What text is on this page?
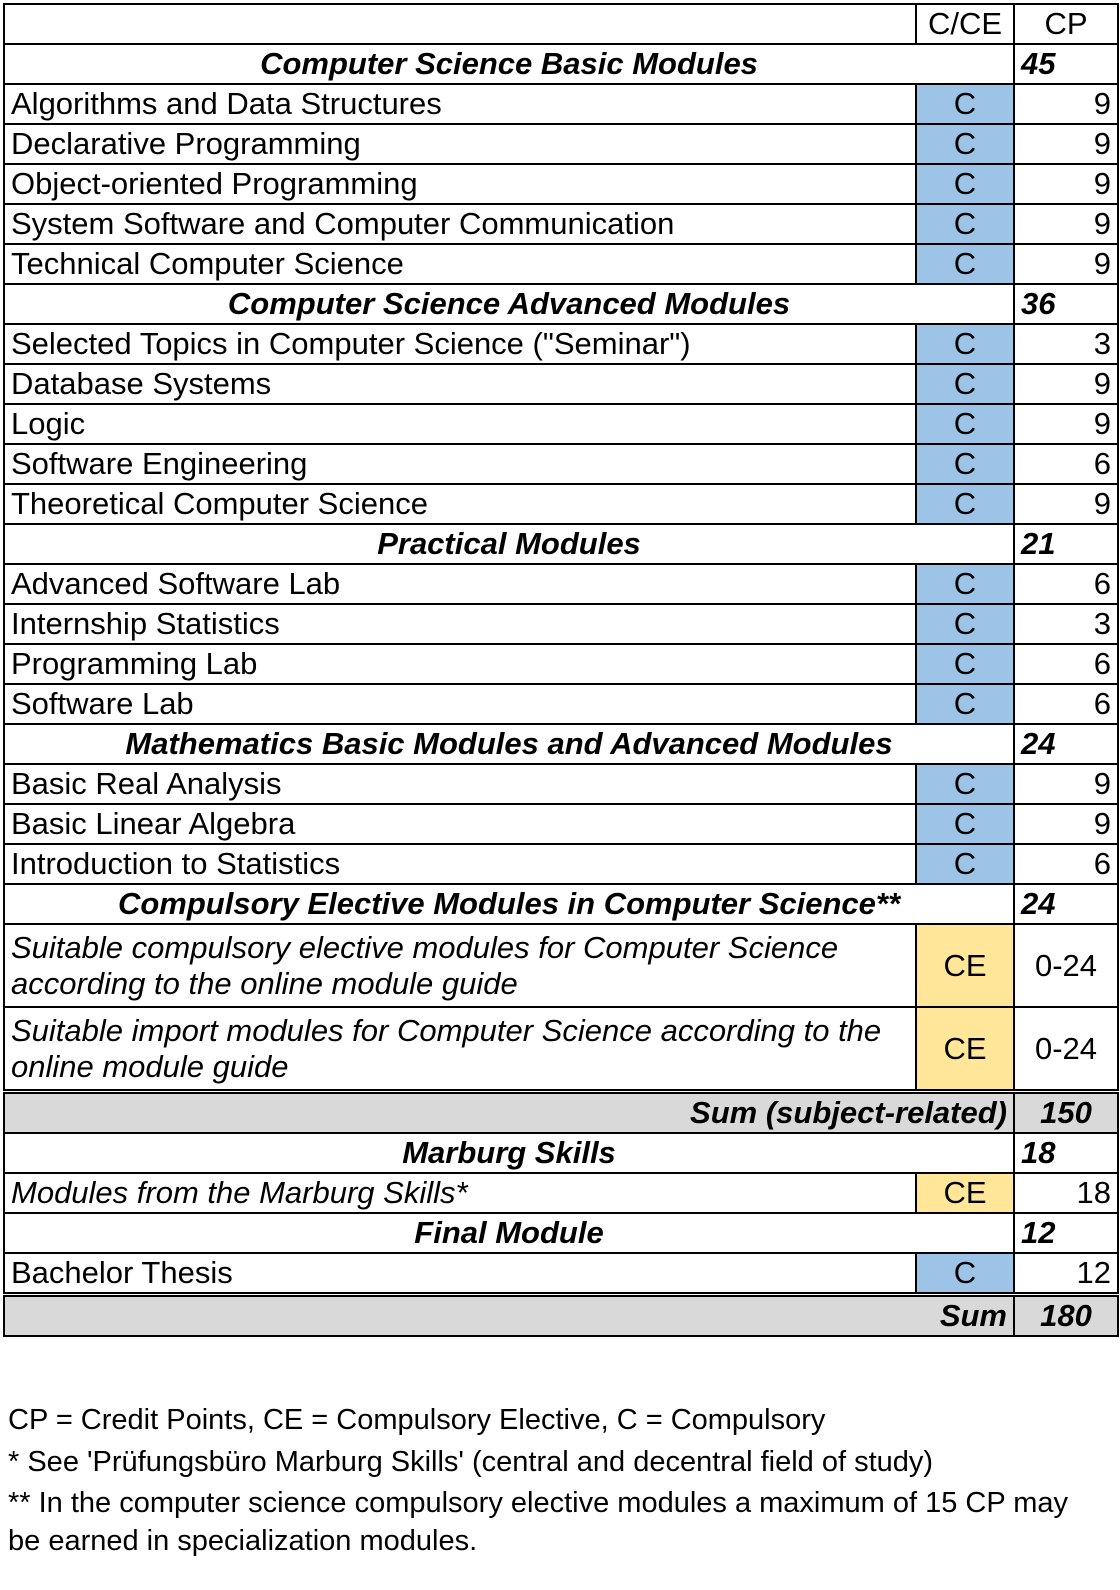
	C/CE	CP
Computer Science Basic Modules		45
Algorithms and Data Structures	C	9
Declarative Programming	C	9
Object-oriented Programming	C	9
System Software and Computer Communication	C	9
Technical Computer Science	C	9
Computer Science Advanced Modules		36
Selected Topics in Computer Science ("Seminar")	C	3
Database Systems	C	9
Logic	C	9
Software Engineering	C	6
Theoretical Computer Science	C	9
Practical Modules		21
Advanced Software Lab	C	6
Internship Statistics	C	3
Programming Lab	C	6
Software Lab	C	6
Mathematics Basic Modules and Advanced Modules		24
Basic Real Analysis	C	9
Basic Linear Algebra	C	9
Introduction to Statistics	C	6
Compulsory Elective Modules in Computer Science**		24
Suitable compulsory elective modules for Computer Science according to the online module guide	CE	0-24
Suitable import modules for Computer Science according to the online module guide	CE	0-24
Sum (subject-related)		150
Marburg Skills		18
Modules from the Marburg Skills*	CE	18
Final Module		12
Bachelor Thesis	C	12
Sum		180

CP = Credit Points, CE = Compulsory Elective, C = Compulsory

* See 'Prüfungsbüro Marburg Skills' (central and decentral field of study)

** In the computer science compulsory elective modules a maximum of 15 CP may be earned in specialization modules.
